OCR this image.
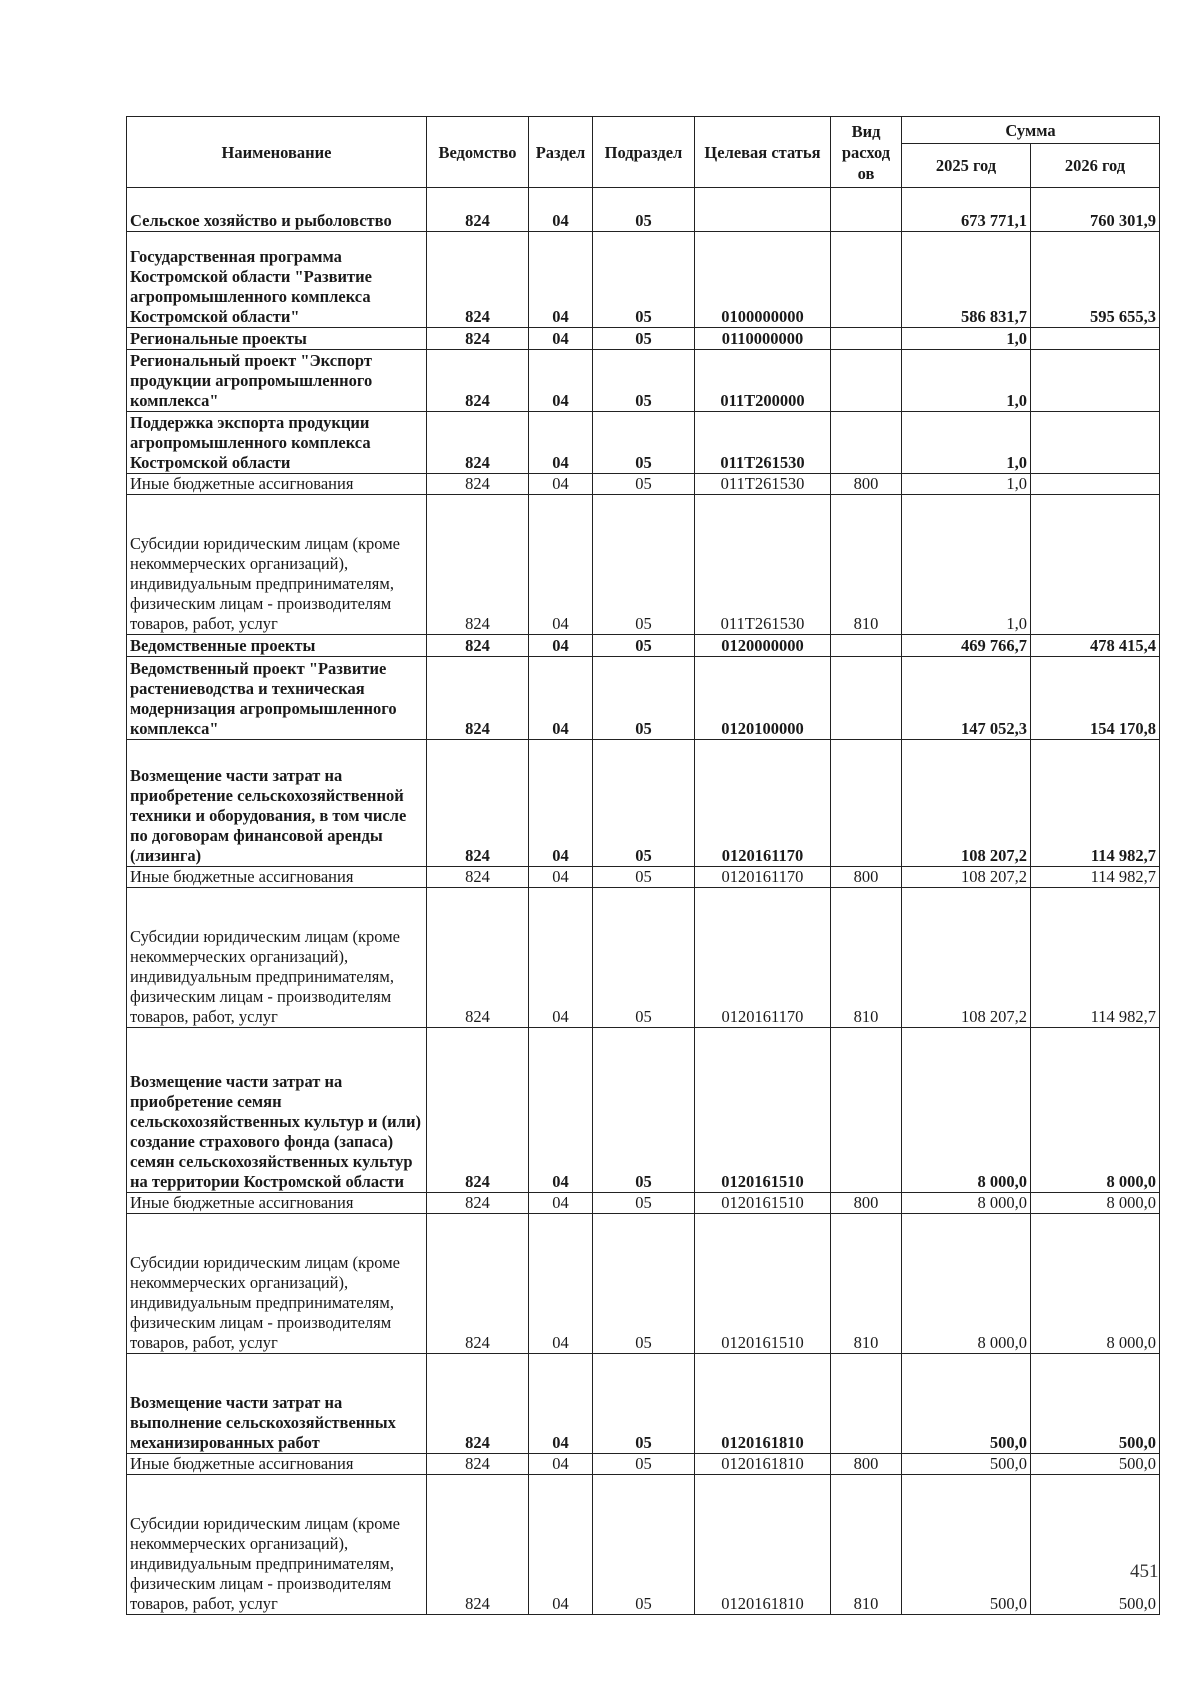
Наименование	Ведомство	Раздел	Подраздел	Целевая статья	Вид расход ов	Сумма	
						2025 год	2026 год
Сельское хозяйство и рыболовство	824	04	05			673 771,1	760 301,9
Государственная программа Костромской области "Развитие агропромышленного комплекса Костромской области"	824	04	05	0100000000		586 831,7	595 655,3
Региональные проекты	824	04	05	0110000000		1,0	
Региональный проект "Экспорт продукции агропромышленного комплекса"	824	04	05	011T200000		1,0	
Поддержка экспорта продукции агропромышленного комплекса Костромской области	824	04	05	011T261530		1,0	
Иные бюджетные ассигнования	824	04	05	011T261530	800	1,0	
Субсидии юридическим лицам (кроме некоммерческих организаций), индивидуальным предпринимателям, физическим лицам - производителям товаров, работ, услуг	824	04	05	011T261530	810	1,0	
Ведомственные проекты	824	04	05	0120000000		469 766,7	478 415,4
Ведомственный проект "Развитие растениеводства и техническая модернизация агропромышленного комплекса"	824	04	05	0120100000		147 052,3	154 170,8
Возмещение части затрат на приобретение сельскохозяйственной техники и оборудования, в том числе по договорам финансовой аренды (лизинга)	824	04	05	0120161170		108 207,2	114 982,7
Иные бюджетные ассигнования	824	04	05	0120161170	800	108 207,2	114 982,7
Субсидии юридическим лицам (кроме некоммерческих организаций), индивидуальным предпринимателям, физическим лицам - производителям товаров, работ, услуг	824	04	05	0120161170	810	108 207,2	114 982,7
Возмещение части затрат на приобретение семян сельскохозяйственных культур и (или) создание страхового фонда (запаса) семян сельскохозяйственных культур на территории Костромской области	824	04	05	0120161510		8 000,0	8 000,0
Иные бюджетные ассигнования	824	04	05	0120161510	800	8 000,0	8 000,0
Субсидии юридическим лицам (кроме некоммерческих организаций), индивидуальным предпринимателям, физическим лицам - производителям товаров, работ, услуг	824	04	05	0120161510	810	8 000,0	8 000,0
Возмещение части затрат на выполнение сельскохозяйственных механизированных работ	824	04	05	0120161810		500,0	500,0
Иные бюджетные ассигнования	824	04	05	0120161810	800	500,0	500,0
Субсидии юридическим лицам (кроме некоммерческих организаций), индивидуальным предпринимателям, физическим лицам - производителям товаров, работ, услуг	824	04	05	0120161810	810	500,0	500,0
451
